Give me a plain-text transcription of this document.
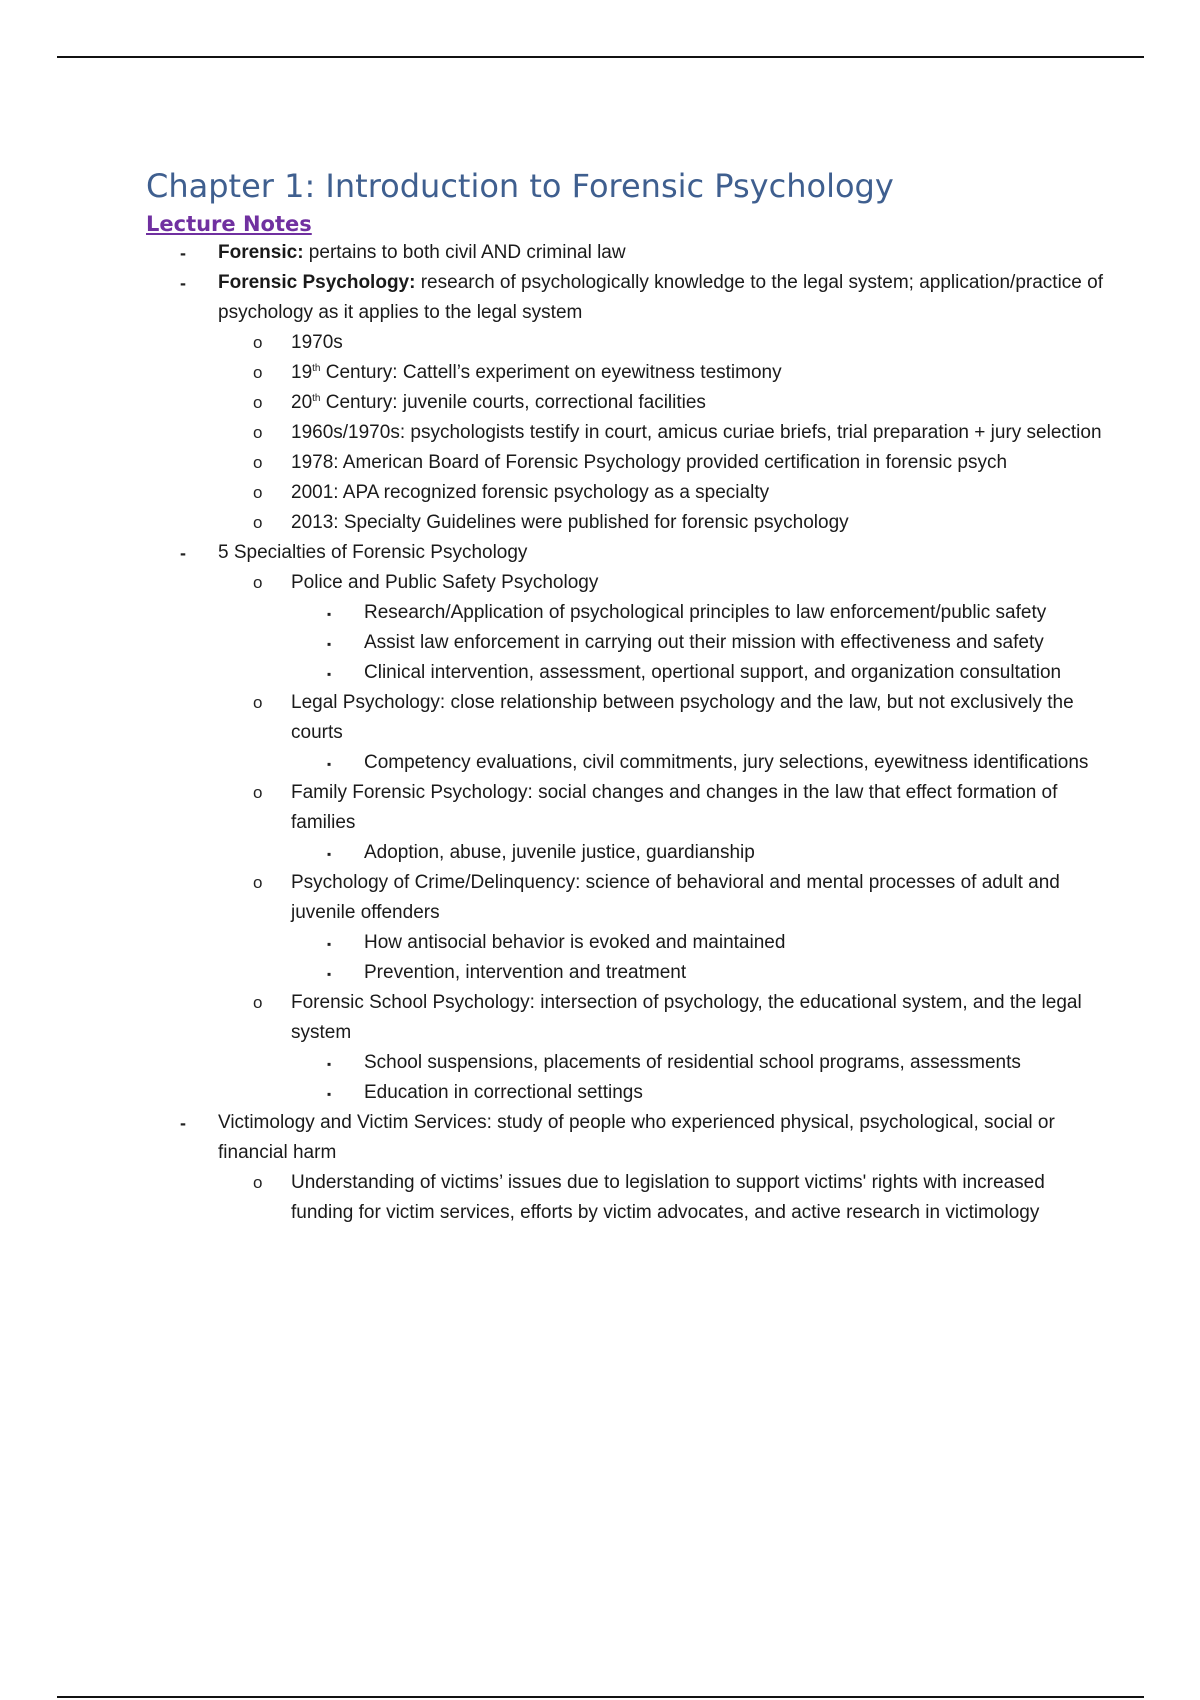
Chapter 1: Introduction to Forensic Psychology
Lecture Notes
- Forensic: pertains to both civil AND criminal law
- Forensic Psychology: research of psychologically knowledge to the legal system; application/practice of psychology as it applies to the legal system
o 1970s
o 19th Century: Cattell’s experiment on eyewitness testimony
o 20th Century: juvenile courts, correctional facilities
o 1960s/1970s: psychologists testify in court, amicus curiae briefs, trial preparation + jury selection
o 1978: American Board of Forensic Psychology provided certification in forensic psych
o 2001: APA recognized forensic psychology as a specialty
o 2013: Specialty Guidelines were published for forensic psychology
- 5 Specialties of Forensic Psychology
o Police and Public Safety Psychology
▪ Research/Application of psychological principles to law enforcement/public safety
▪ Assist law enforcement in carrying out their mission with effectiveness and safety
▪ Clinical intervention, assessment, opertional support, and organization consultation
o Legal Psychology: close relationship between psychology and the law, but not exclusively the courts
▪ Competency evaluations, civil commitments, jury selections, eyewitness identifications
o Family Forensic Psychology: social changes and changes in the law that effect formation of families
▪ Adoption, abuse, juvenile justice, guardianship
o Psychology of Crime/Delinquency: science of behavioral and mental processes of adult and juvenile offenders
▪ How antisocial behavior is evoked and maintained
▪ Prevention, intervention and treatment
o Forensic School Psychology: intersection of psychology, the educational system, and the legal system
▪ School suspensions, placements of residential school programs, assessments
▪ Education in correctional settings
- Victimology and Victim Services: study of people who experienced physical, psychological, social or financial harm
o Understanding of victims’ issues due to legislation to support victims' rights with increased funding for victim services, efforts by victim advocates, and active research in victimology
